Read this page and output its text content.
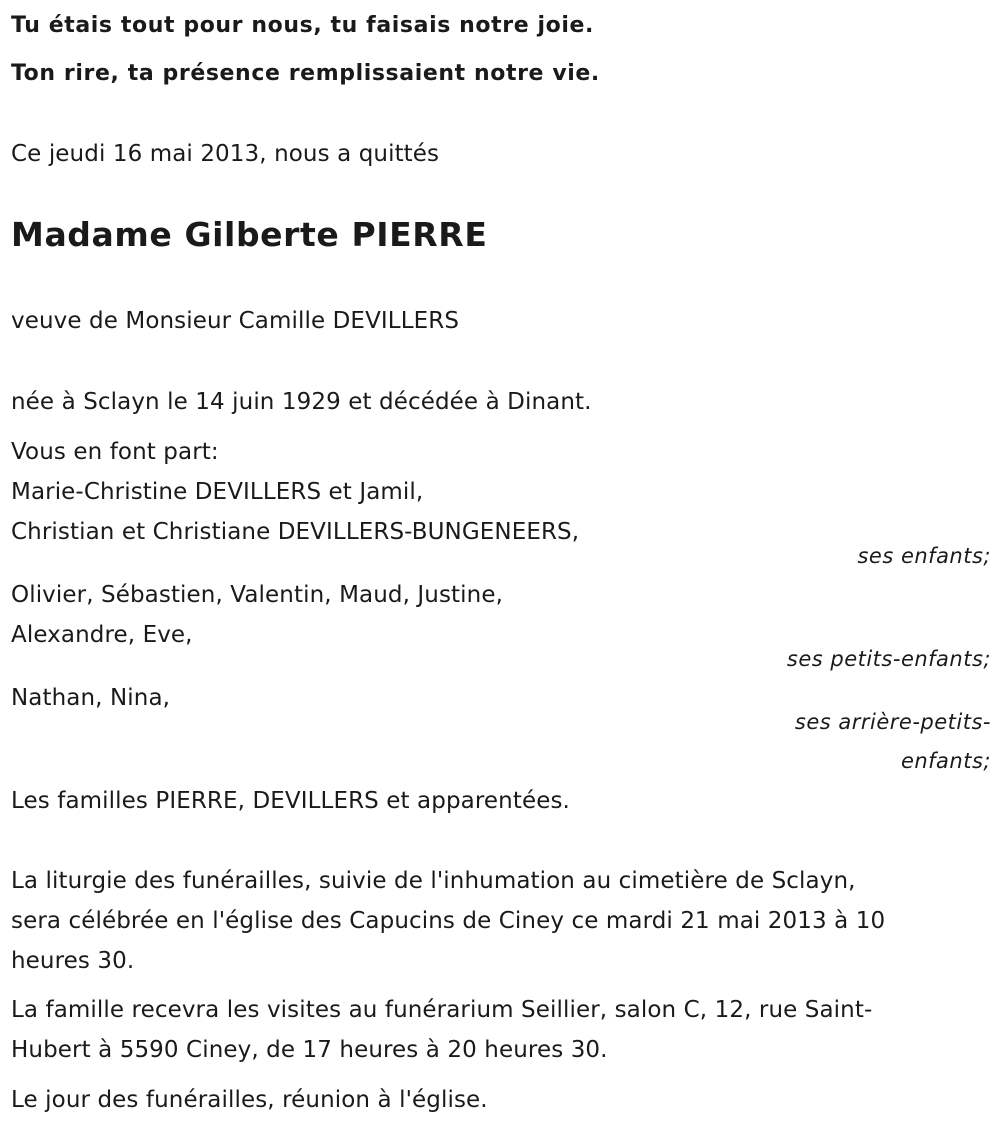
Tu étais tout pour nous, tu faisais notre joie.
Ton rire, ta présence remplissaient notre vie.
Ce jeudi 16 mai 2013, nous a quittés
Madame Gilberte PIERRE
veuve de Monsieur Camille DEVILLERS
née à Sclayn le 14 juin 1929 et décédée à Dinant.
Vous en font part:
Marie-Christine DEVILLERS et Jamil,
Christian et Christiane DEVILLERS-BUNGENEERS,
ses enfants;
Olivier, Sébastien, Valentin, Maud, Justine,
Alexandre, Eve,
ses petits-enfants;
Nathan, Nina,
ses arrière-petits-
enfants;
Les familles PIERRE, DEVILLERS et apparentées.
La liturgie des funérailles, suivie de l'inhumation au cimetière de Sclayn,
sera célébrée en l'église des Capucins de Ciney ce mardi 21 mai 2013 à 10
heures 30.
La famille recevra les visites au funérarium Seillier, salon C, 12, rue Saint-
Hubert à 5590 Ciney, de 17 heures à 20 heures 30.
Le jour des funérailles, réunion à l'église.
